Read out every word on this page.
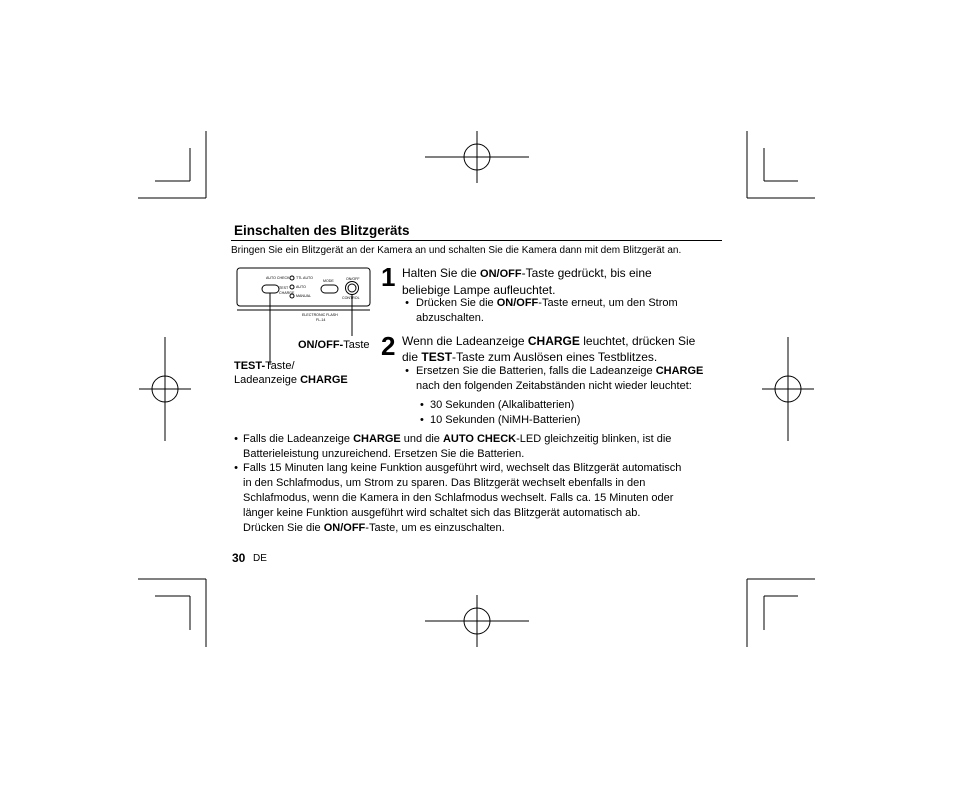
Einschalten des Blitzgeräts
Bringen Sie ein Blitzgerät an der Kamera an und schalten Sie die Kamera dann mit dem Blitzgerät an.
AUTO CHECK
TEST
CHARGE
TTL AUTO
AUTO
MANUAL
MODE	ON/OFF
CONTROL
ELECTRONIC FLASH
FL-14
ON/OFF-Taste
TEST-Taste/
Ladeanzeige CHARGE
1 Halten Sie die ON/OFF-Taste gedrückt, bis eine
beliebige Lampe aufleuchtet.
• Drücken Sie die ON/OFF-Taste erneut, um den Strom
abzuschalten.
2 Wenn die Ladeanzeige CHARGE leuchtet, drücken Sie
die TEST-Taste zum Auslösen eines Testblitzes.
• Ersetzen Sie die Batterien, falls die Ladeanzeige CHARGE
nach den folgenden Zeitabständen nicht wieder leuchtet:
• 30 Sekunden (Alkalibatterien)
• 10 Sekunden (NiMH-Batterien)
• Falls die Ladeanzeige CHARGE und die AUTO CHECK-LED gleichzeitig blinken, ist die
Batterieleistung unzureichend. Ersetzen Sie die Batterien.
• Falls 15 Minuten lang keine Funktion ausgeführt wird, wechselt das Blitzgerät automatisch
in den Schlafmodus, um Strom zu sparen. Das Blitzgerät wechselt ebenfalls in den
Schlafmodus, wenn die Kamera in den Schlafmodus wechselt. Falls ca. 15 Minuten oder
länger keine Funktion ausgeführt wird schaltet sich das Blitzgerät automatisch ab.
Drücken Sie die ON/OFF-Taste, um es einzuschalten.
30 DE
